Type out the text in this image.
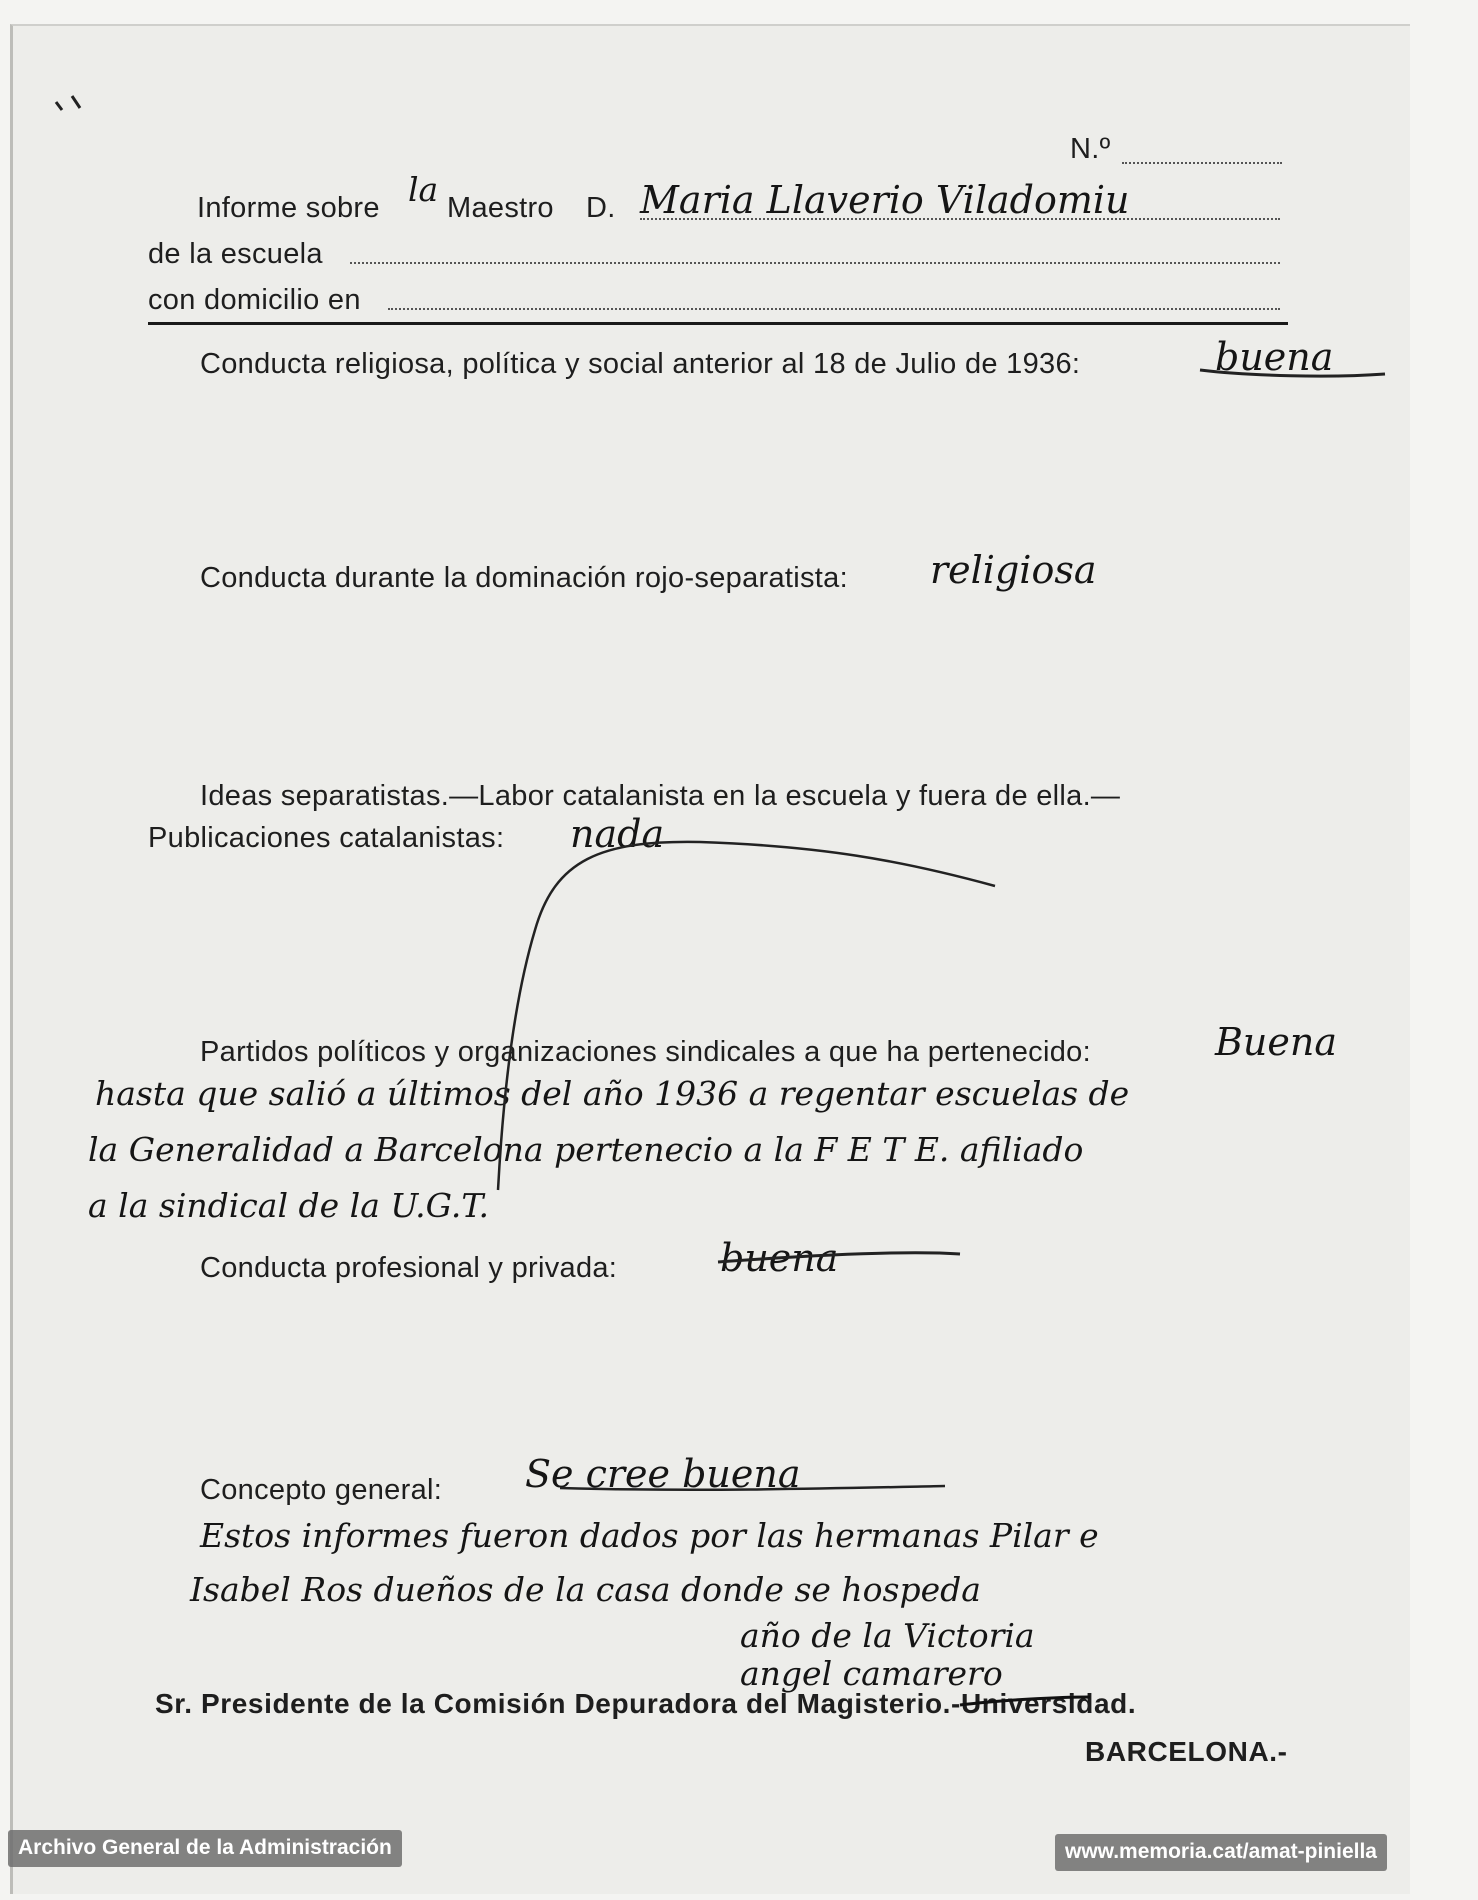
N.º
Informe sobre la Maestro D. Maria Llaverio Viladomiu
de la escuela
con domicilio en
Conducta religiosa, política y social anterior al 18 de Julio de 1936:	buena
Conducta durante la dominación rojo-separatista: religiosa
Ideas separatistas.—Labor catalanista en la escuela y fuera de ella.—
Publicaciones catalanistas: nada
Partidos políticos y organizaciones sindicales a que ha pertenecido:	Buena
hasta que salió a últimos del año 1936 a regentar escuelas de
la Generalidad a Barcelona pertenecio a la F E T E. afiliado
a la sindical de la U.G.T.
Conducta profesional y privada:	buena
Concepto general: Se cree buena
Estos informes fueron dados por las hermanas Pilar e
Isabel Ros dueños de la casa donde se hospeda
año de la Victoria
angel camarero
Sr. Presidente de la Comisión Depuradora del Magisterio.-Universidad.
BARCELONA.-
Archivo General de la Administración	www.memoria.cat/amat-piniella
